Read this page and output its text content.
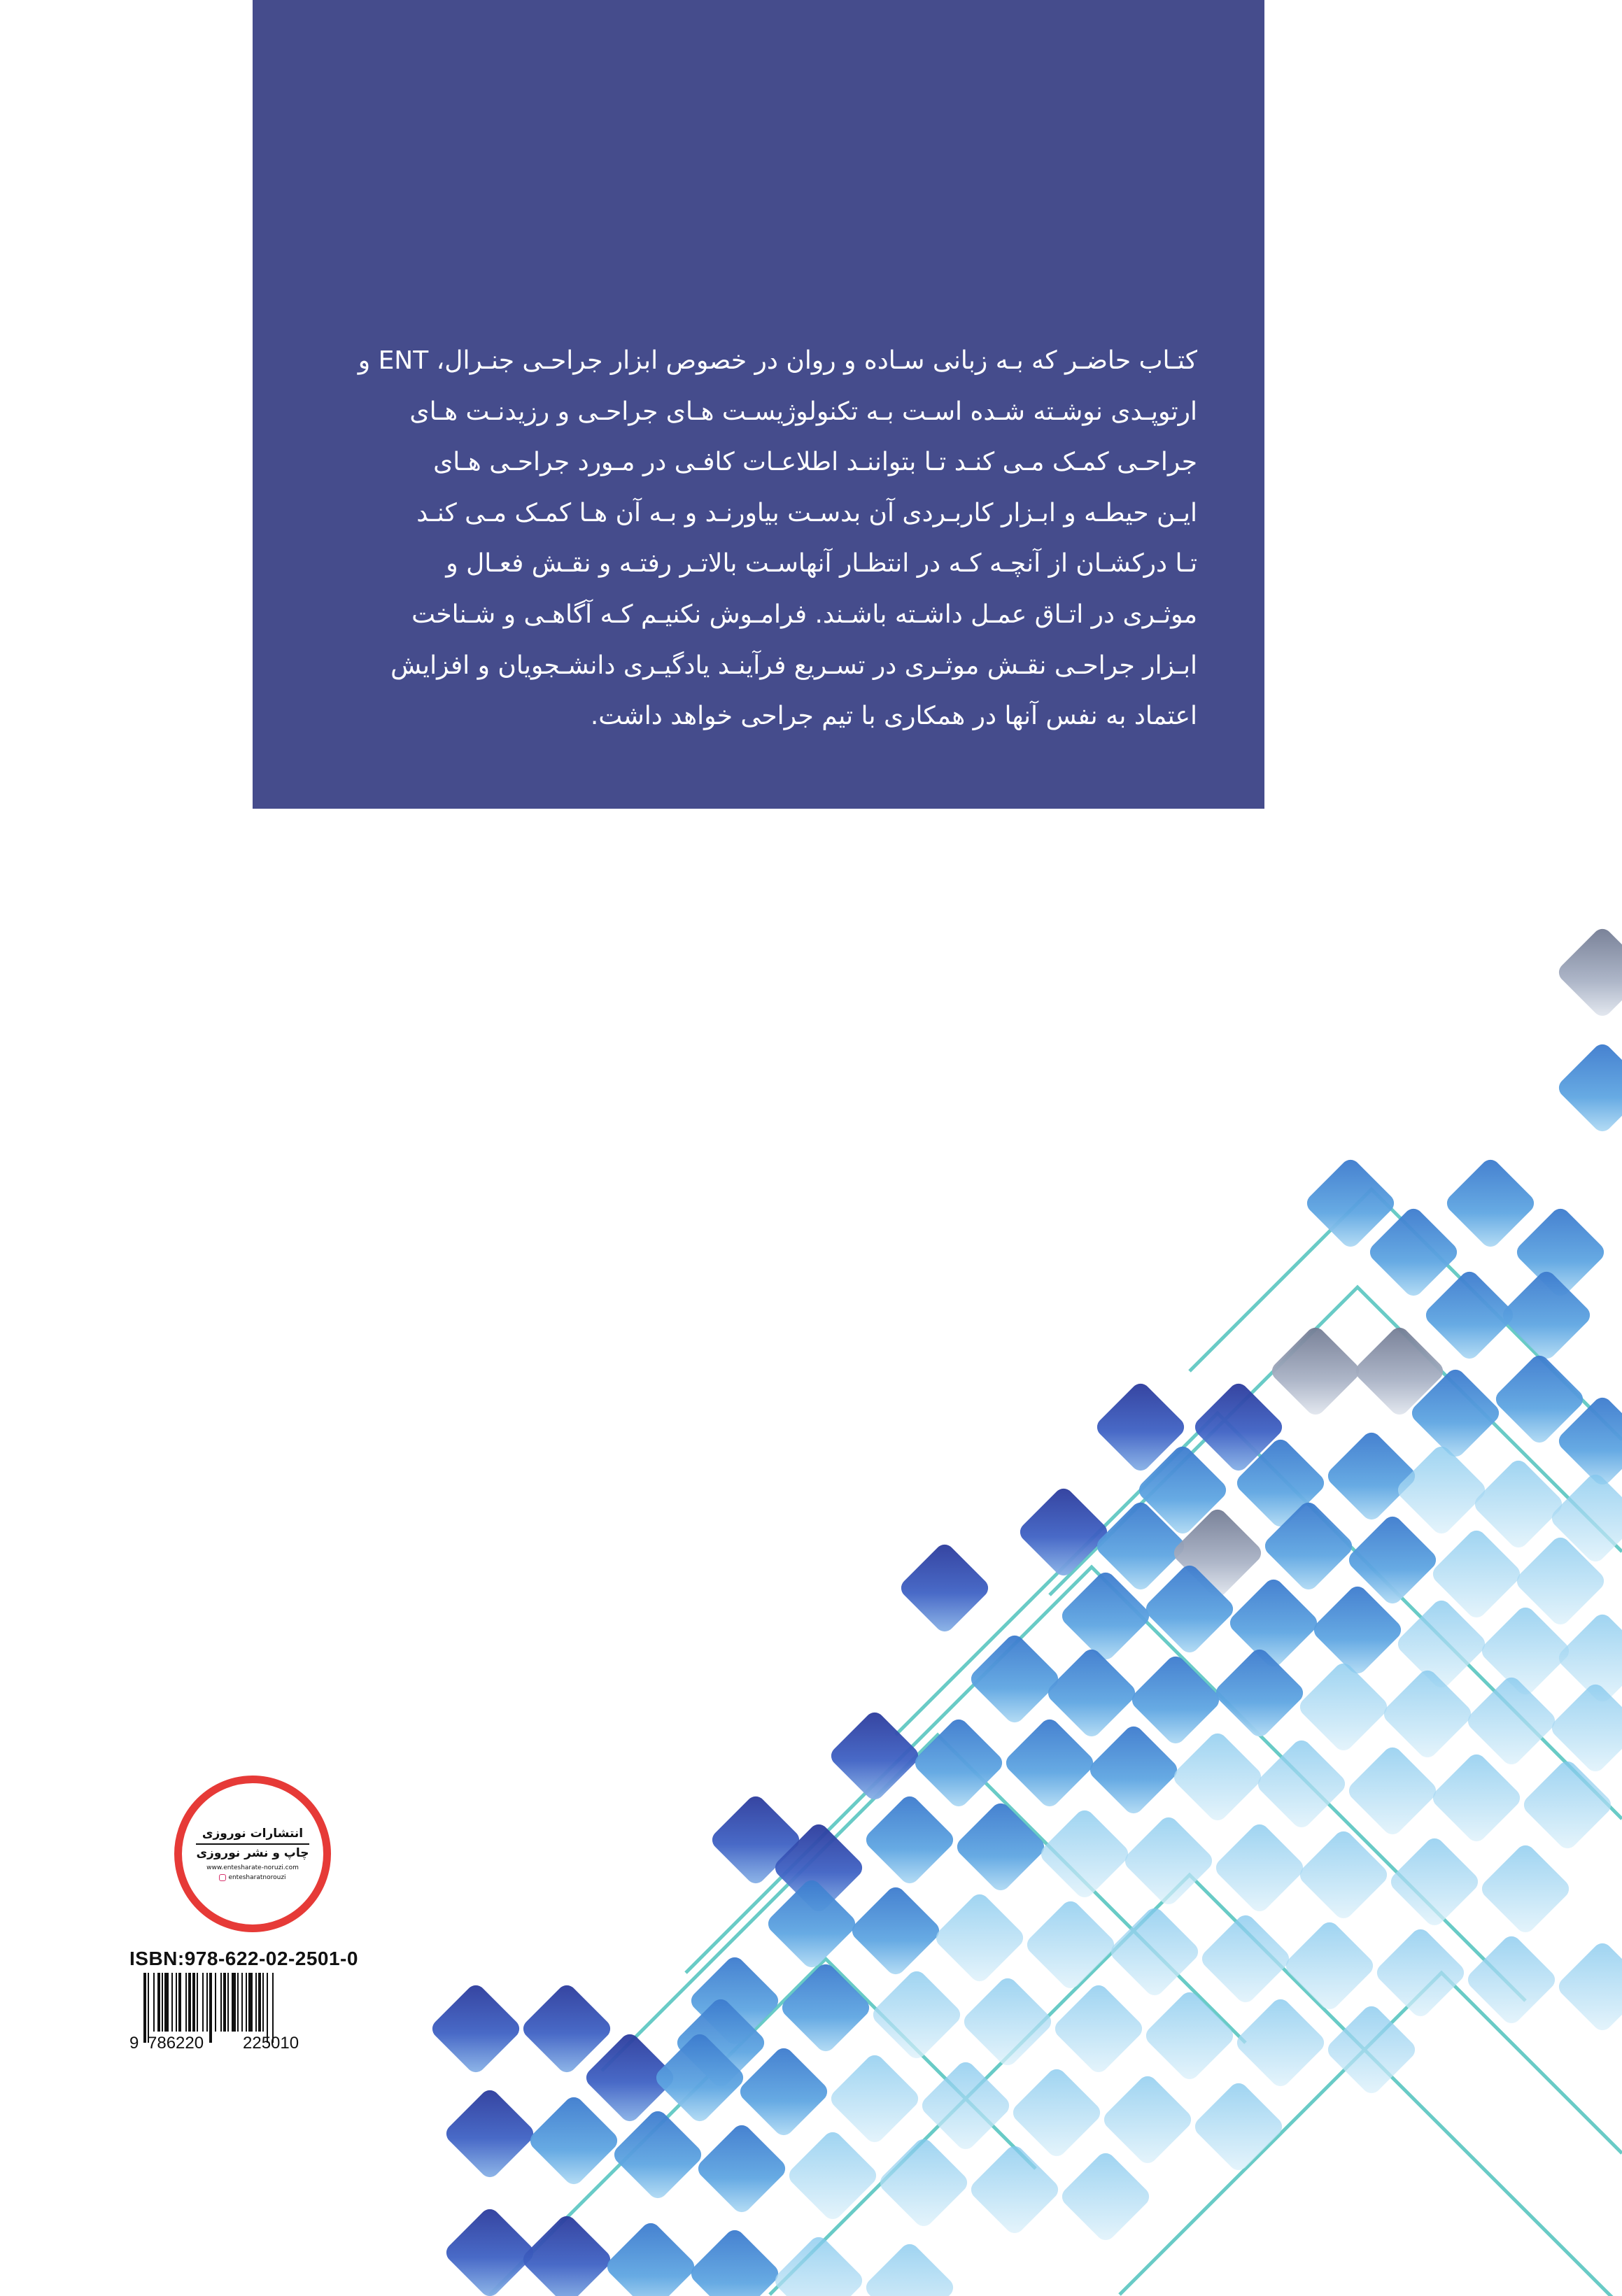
کتـاب حاضـر که بـه زبانی سـاده و روان در خصوص ابزار جراحـی جنـرال، ENT و
ارتوپـدی نوشـته شـده اسـت بـه تکنولوژیسـت هـای جراحـی و رزیدنـت هـای
جراحـی کمـک مـی کنـد تـا بتواننـد اطلاعـات کافـی در مـورد جراحـی هـای
ایـن حیطـه و ابـزار کاربـردی آن بدسـت بیاورنـد و بـه آن هـا کمـک مـی کنـد
تـا درکشـان از آنچـه کـه در انتظـار آنهاسـت بالاتـر رفتـه و نقـش فعـال و
موثـری در اتـاق عمـل داشـته باشـند. فرامـوش نکنیـم کـه آگاهـی و شـناخت
ابـزار جراحـی نقـش موثـری در تسـریع فرآینـد یادگیـری دانشـجویان و افزایش
اعتماد به نفس آنها در همکاری با تیم جراحی خواهد داشت.
انتشارات نوروزی
چاپ و نشر نوروزی
www.entesharate-noruzi.com
entesharatnorouzi
ISBN:978-622-02-2501-0
9 786220 225010
